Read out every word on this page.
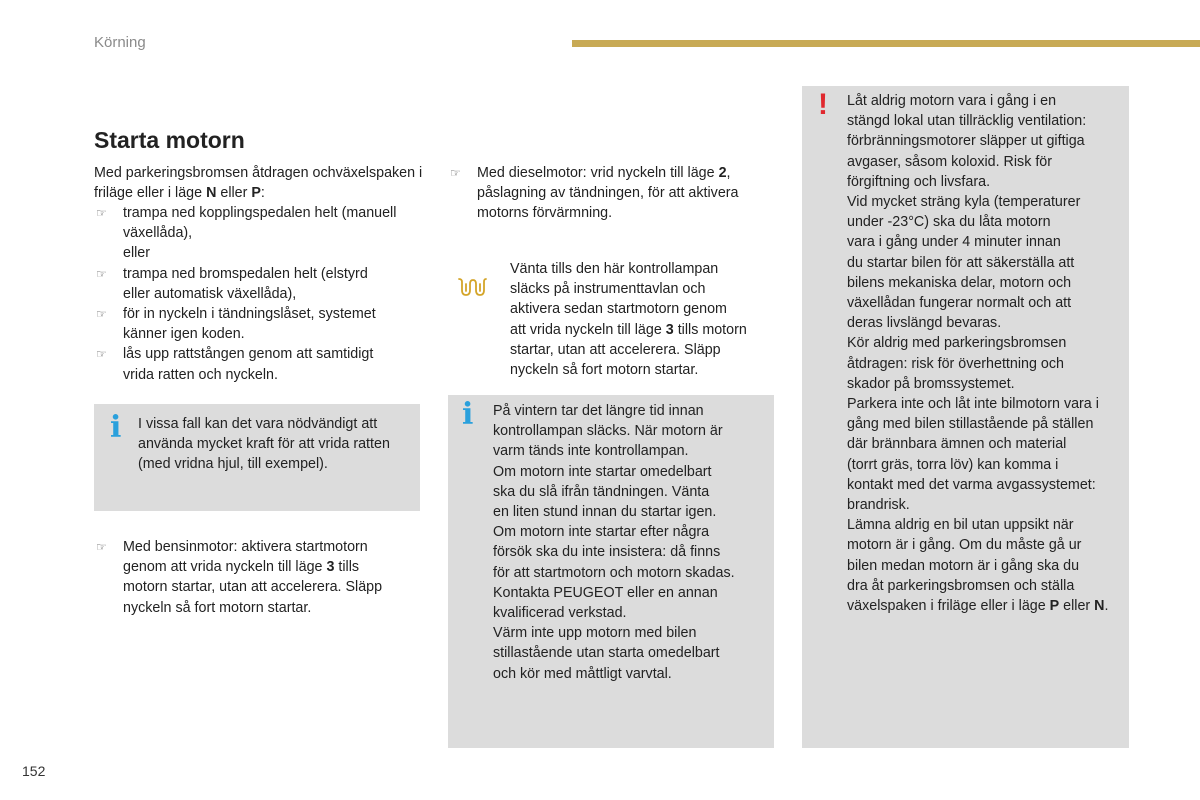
Körning
Starta motorn
Med parkeringsbromsen åtdragen ochväxelspaken i friläge eller i läge N eller P:
☞ trampa ned kopplingspedalen helt (manuell
växellåda),
eller
☞ trampa ned bromspedalen helt (elstyrd
eller automatisk växellåda),
☞ för in nyckeln i tändningslåset, systemet
känner igen koden.
☞ lås upp rattstången genom att samtidigt
vrida ratten och nyckeln.
i I vissa fall kan det vara nödvändigt att
använda mycket kraft för att vrida ratten
(med vridna hjul, till exempel).
☞ Med bensinmotor: aktivera startmotorn
genom att vrida nyckeln till läge 3 tills
motorn startar, utan att accelerera. Släpp
nyckeln så fort motorn startar.
☞ Med dieselmotor: vrid nyckeln till läge 2,
påslagning av tändningen, för att aktivera
motorns förvärmning.
Vänta tills den här kontrollampan
släcks på instrumenttavlan och
aktivera sedan startmotorn genom
att vrida nyckeln till läge 3 tills motorn
startar, utan att accelerera. Släpp
nyckeln så fort motorn startar.
i På vintern tar det längre tid innan
kontrollampan släcks. När motorn är
varm tänds inte kontrollampan.
Om motorn inte startar omedelbart
ska du slå ifrån tändningen. Vänta
en liten stund innan du startar igen.
Om motorn inte startar efter några
försök ska du inte insistera: då finns
för att startmotorn och motorn skadas.
Kontakta PEUGEOT eller en annan
kvalificerad verkstad.
Värm inte upp motorn med bilen
stillastående utan starta omedelbart
och kör med måttligt varvtal.
! Låt aldrig motorn vara i gång i en
stängd lokal utan tillräcklig ventilation:
förbränningsmotorer släpper ut giftiga
avgaser, såsom koloxid. Risk för
förgiftning och livsfara.
Vid mycket sträng kyla (temperaturer
under -23°C) ska du låta motorn
vara i gång under 4 minuter innan
du startar bilen för att säkerställa att
bilens mekaniska delar, motorn och
växellådan fungerar normalt och att
deras livslängd bevaras.
Kör aldrig med parkeringsbromsen
åtdragen: risk för överhettning och
skador på bromssystemet.
Parkera inte och låt inte bilmotorn vara i
gång med bilen stillastående på ställen
där brännbara ämnen och material
(torrt gräs, torra löv) kan komma i
kontakt med det varma avgassystemet:
brandrisk.
Lämna aldrig en bil utan uppsikt när
motorn är i gång. Om du måste gå ur
bilen medan motorn är i gång ska du
dra åt parkeringsbromsen och ställa
växelspaken i friläge eller i läge P eller N.
152
